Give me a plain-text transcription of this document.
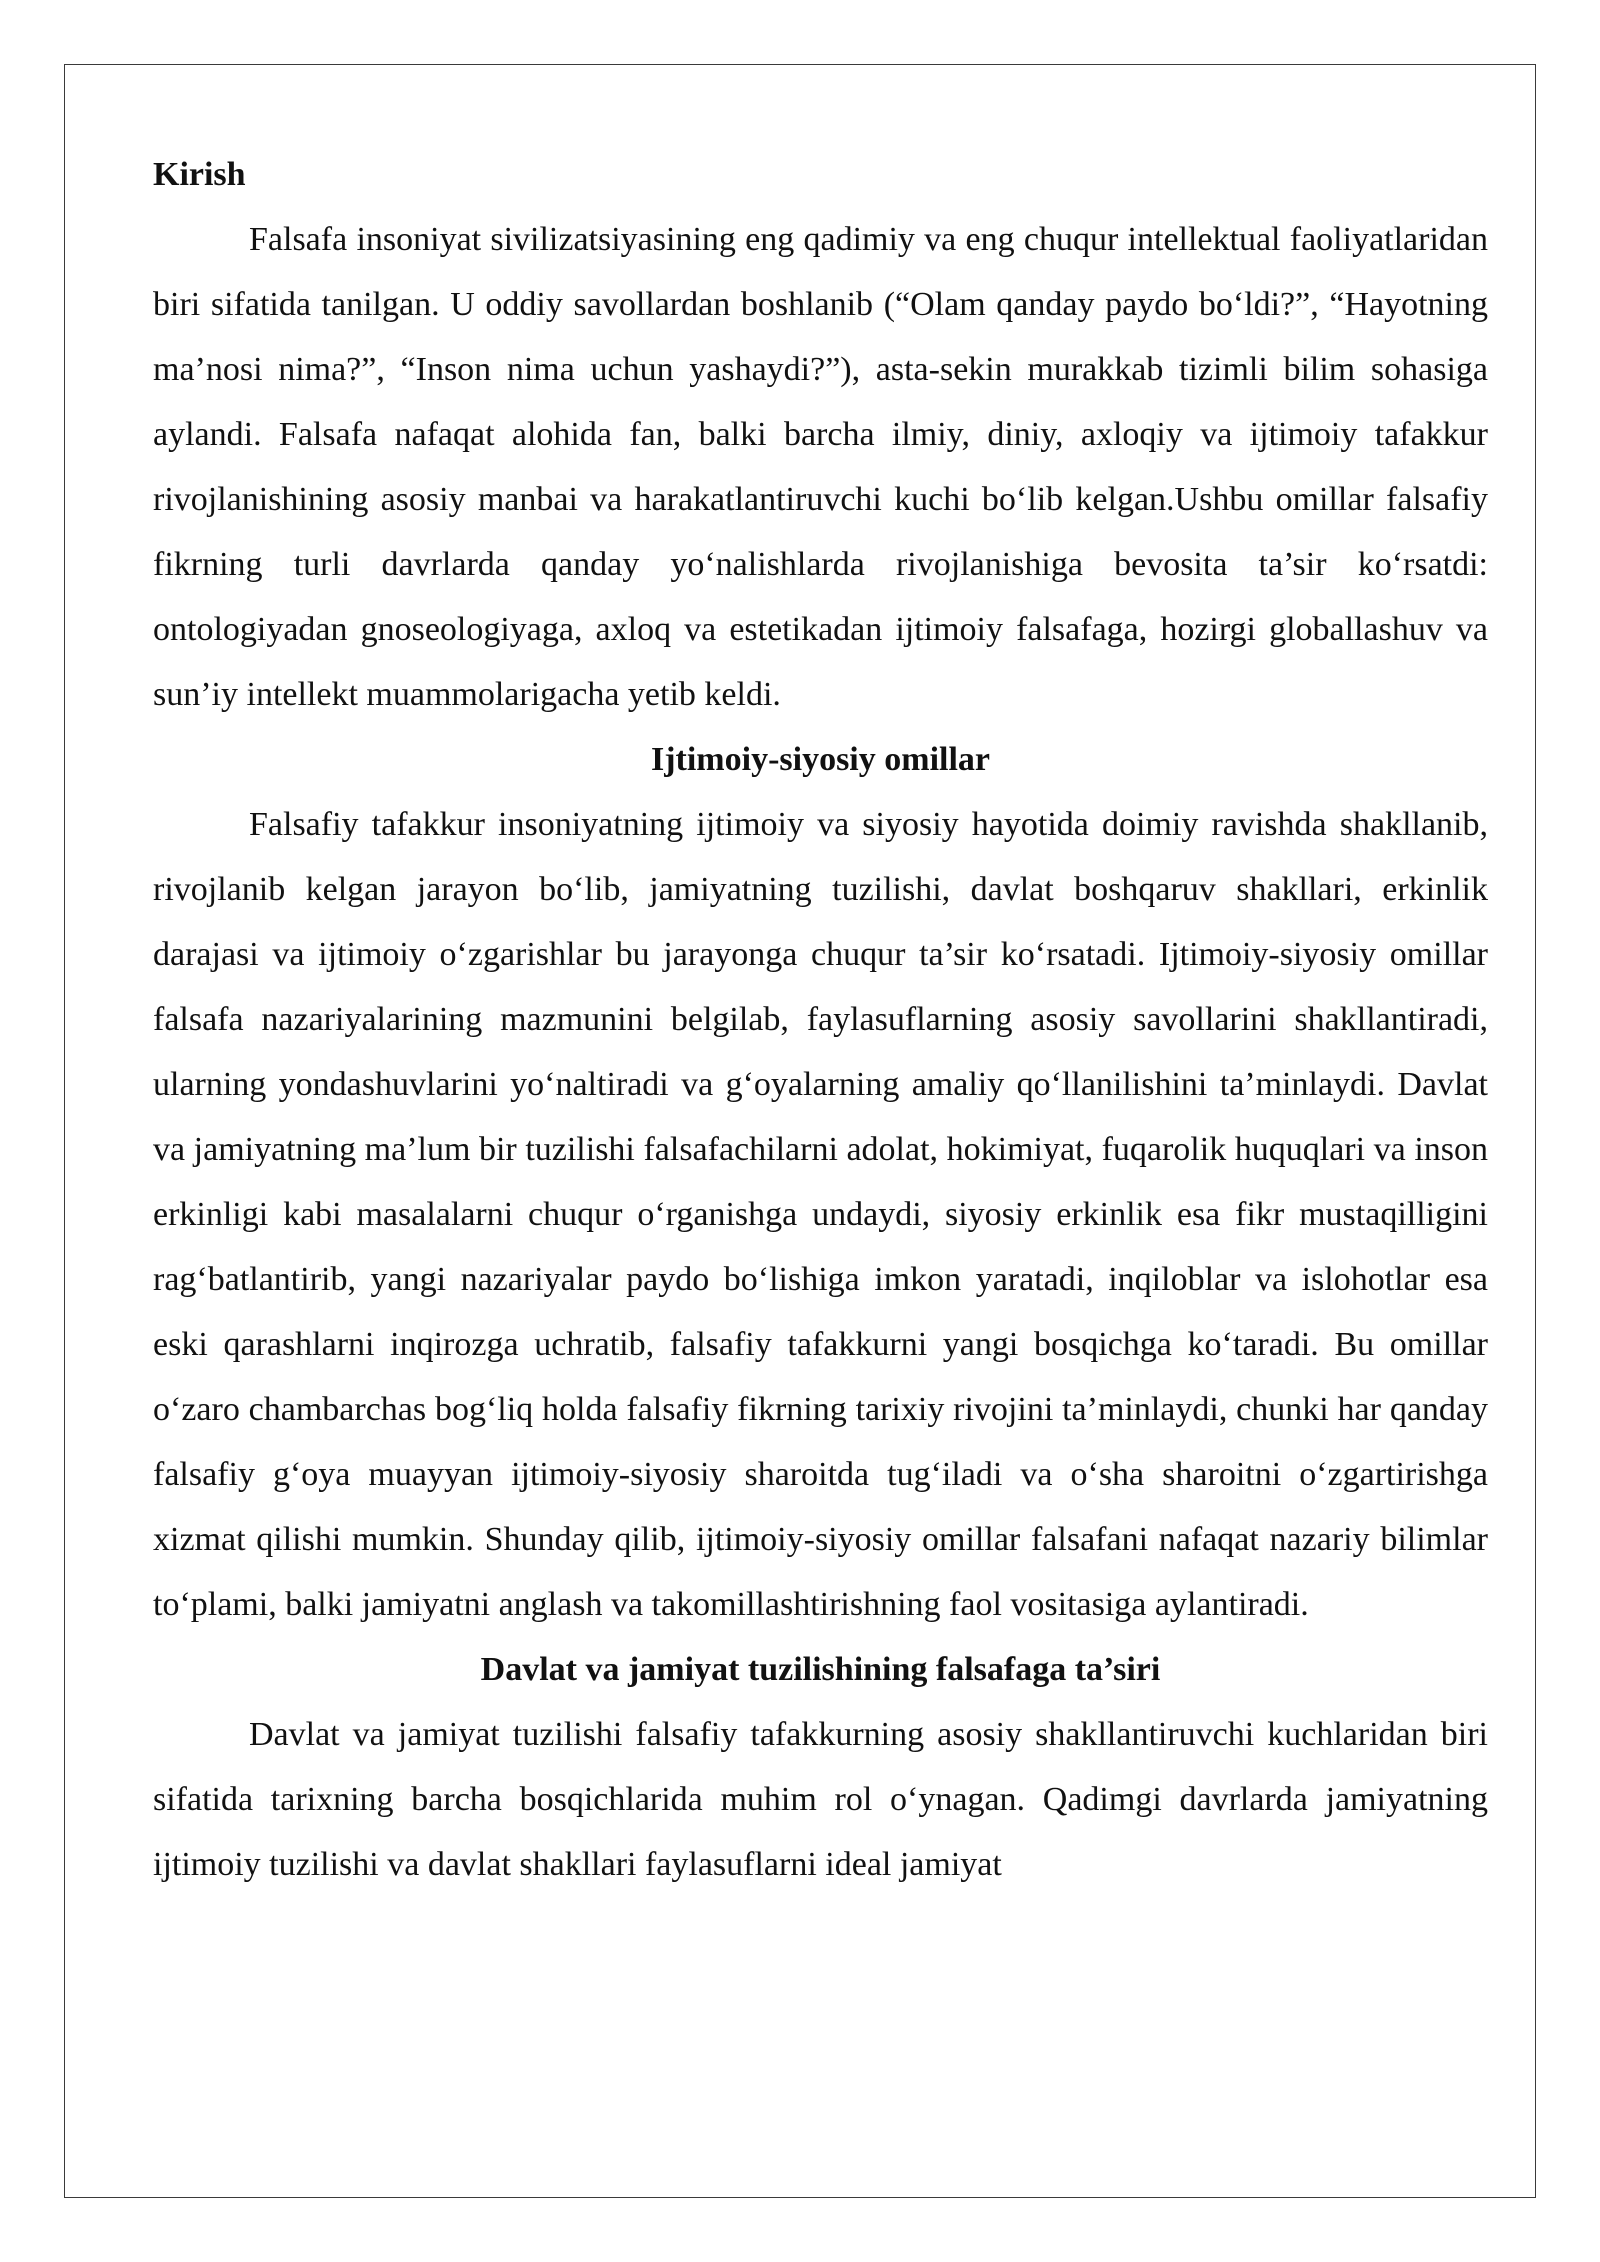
Kirish

Falsafa insoniyat sivilizatsiyasining eng qadimiy va eng chuqur intellektual faoliyatlaridan biri sifatida tanilgan. U oddiy savollardan boshlanib (“Olam qanday paydo bo‘ldi?”, “Hayotning ma’nosi nima?”, “Inson nima uchun yashaydi?”), asta-sekin murakkab tizimli bilim sohasiga aylandi. Falsafa nafaqat alohida fan, balki barcha ilmiy, diniy, axloqiy va ijtimoiy tafakkur rivojlanishining asosiy manbai va harakatlantiruvchi kuchi bo‘lib kelgan.Ushbu omillar falsafiy fikrning turli davrlarda qanday yo‘nalishlarda rivojlanishiga bevosita ta’sir ko‘rsatdi: ontologiyadan gnoseologiyaga, axloq va estetikadan ijtimoiy falsafaga, hozirgi globallashuv va sun’iy intellekt muammolarigacha yetib keldi.

Ijtimoiy-siyosiy omillar

Falsafiy tafakkur insoniyatning ijtimoiy va siyosiy hayotida doimiy ravishda shakllanib, rivojlanib kelgan jarayon bo‘lib, jamiyatning tuzilishi, davlat boshqaruv shakllari, erkinlik darajasi va ijtimoiy o‘zgarishlar bu jarayonga chuqur ta’sir ko‘rsatadi. Ijtimoiy-siyosiy omillar falsafa nazariyalarining mazmunini belgilab, faylasuflarning asosiy savollarini shakllantiradi, ularning yondashuvlarini yo‘naltiradi va g‘oyalarning amaliy qo‘llanilishini ta’minlaydi. Davlat va jamiyatning ma’lum bir tuzilishi falsafachilarni adolat, hokimiyat, fuqarolik huquqlari va inson erkinligi kabi masalalarni chuqur o‘rganishga undaydi, siyosiy erkinlik esa fikr mustaqilligini rag‘batlantirib, yangi nazariyalar paydo bo‘lishiga imkon yaratadi, inqiloblar va islohotlar esa eski qarashlarni inqirozga uchratib, falsafiy tafakkurni yangi bosqichga ko‘taradi. Bu omillar o‘zaro chambarchas bog‘liq holda falsafiy fikrning tarixiy rivojini ta’minlaydi, chunki har qanday falsafiy g‘oya muayyan ijtimoiy-siyosiy sharoitda tug‘iladi va o‘sha sharoitni o‘zgartirishga xizmat qilishi mumkin. Shunday qilib, ijtimoiy-siyosiy omillar falsafani nafaqat nazariy bilimlar to‘plami, balki jamiyatni anglash va takomillashtirishning faol vositasiga aylantiradi.

Davlat va jamiyat tuzilishining falsafaga ta’siri

Davlat va jamiyat tuzilishi falsafiy tafakkurning asosiy shakllantiruvchi kuchlaridan biri sifatida tarixning barcha bosqichlarida muhim rol o‘ynagan. Qadimgi davrlarda jamiyatning ijtimoiy tuzilishi va davlat shakllari faylasuflarni ideal jamiyat
